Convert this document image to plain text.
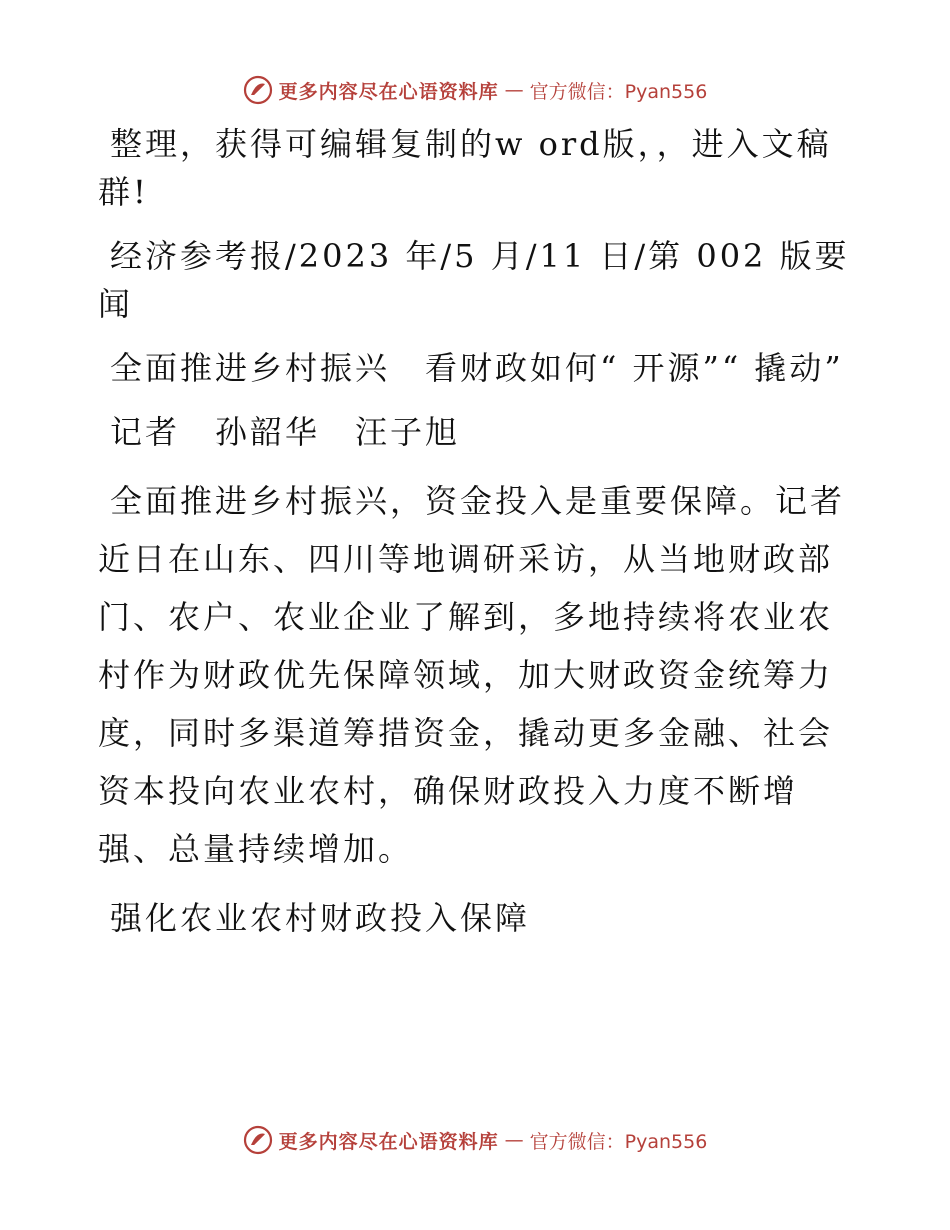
更多内容尽在心语资料库 — 官方微信：Pyan556

整理，获得可编辑复制的w ord版，，进入文稿群!

经济参考报/2023 年/5 月/11 日/第 002 版要闻

全面推进乡村振兴　看财政如何“ 开源”“ 撬动”

记者　孙韶华　汪子旭

全面推进乡村振兴，资金投入是重要保障。记者近日在山东、四川等地调研采访，从当地财政部门、农户、农业企业了解到，多地持续将农业农村作为财政优先保障领域，加大财政资金统筹力度，同时多渠道筹措资金，撬动更多金融、社会资本投向农业农村，确保财政投入力度不断增强、总量持续增加。

强化农业农村财政投入保障

更多内容尽在心语资料库 — 官方微信：Pyan556
